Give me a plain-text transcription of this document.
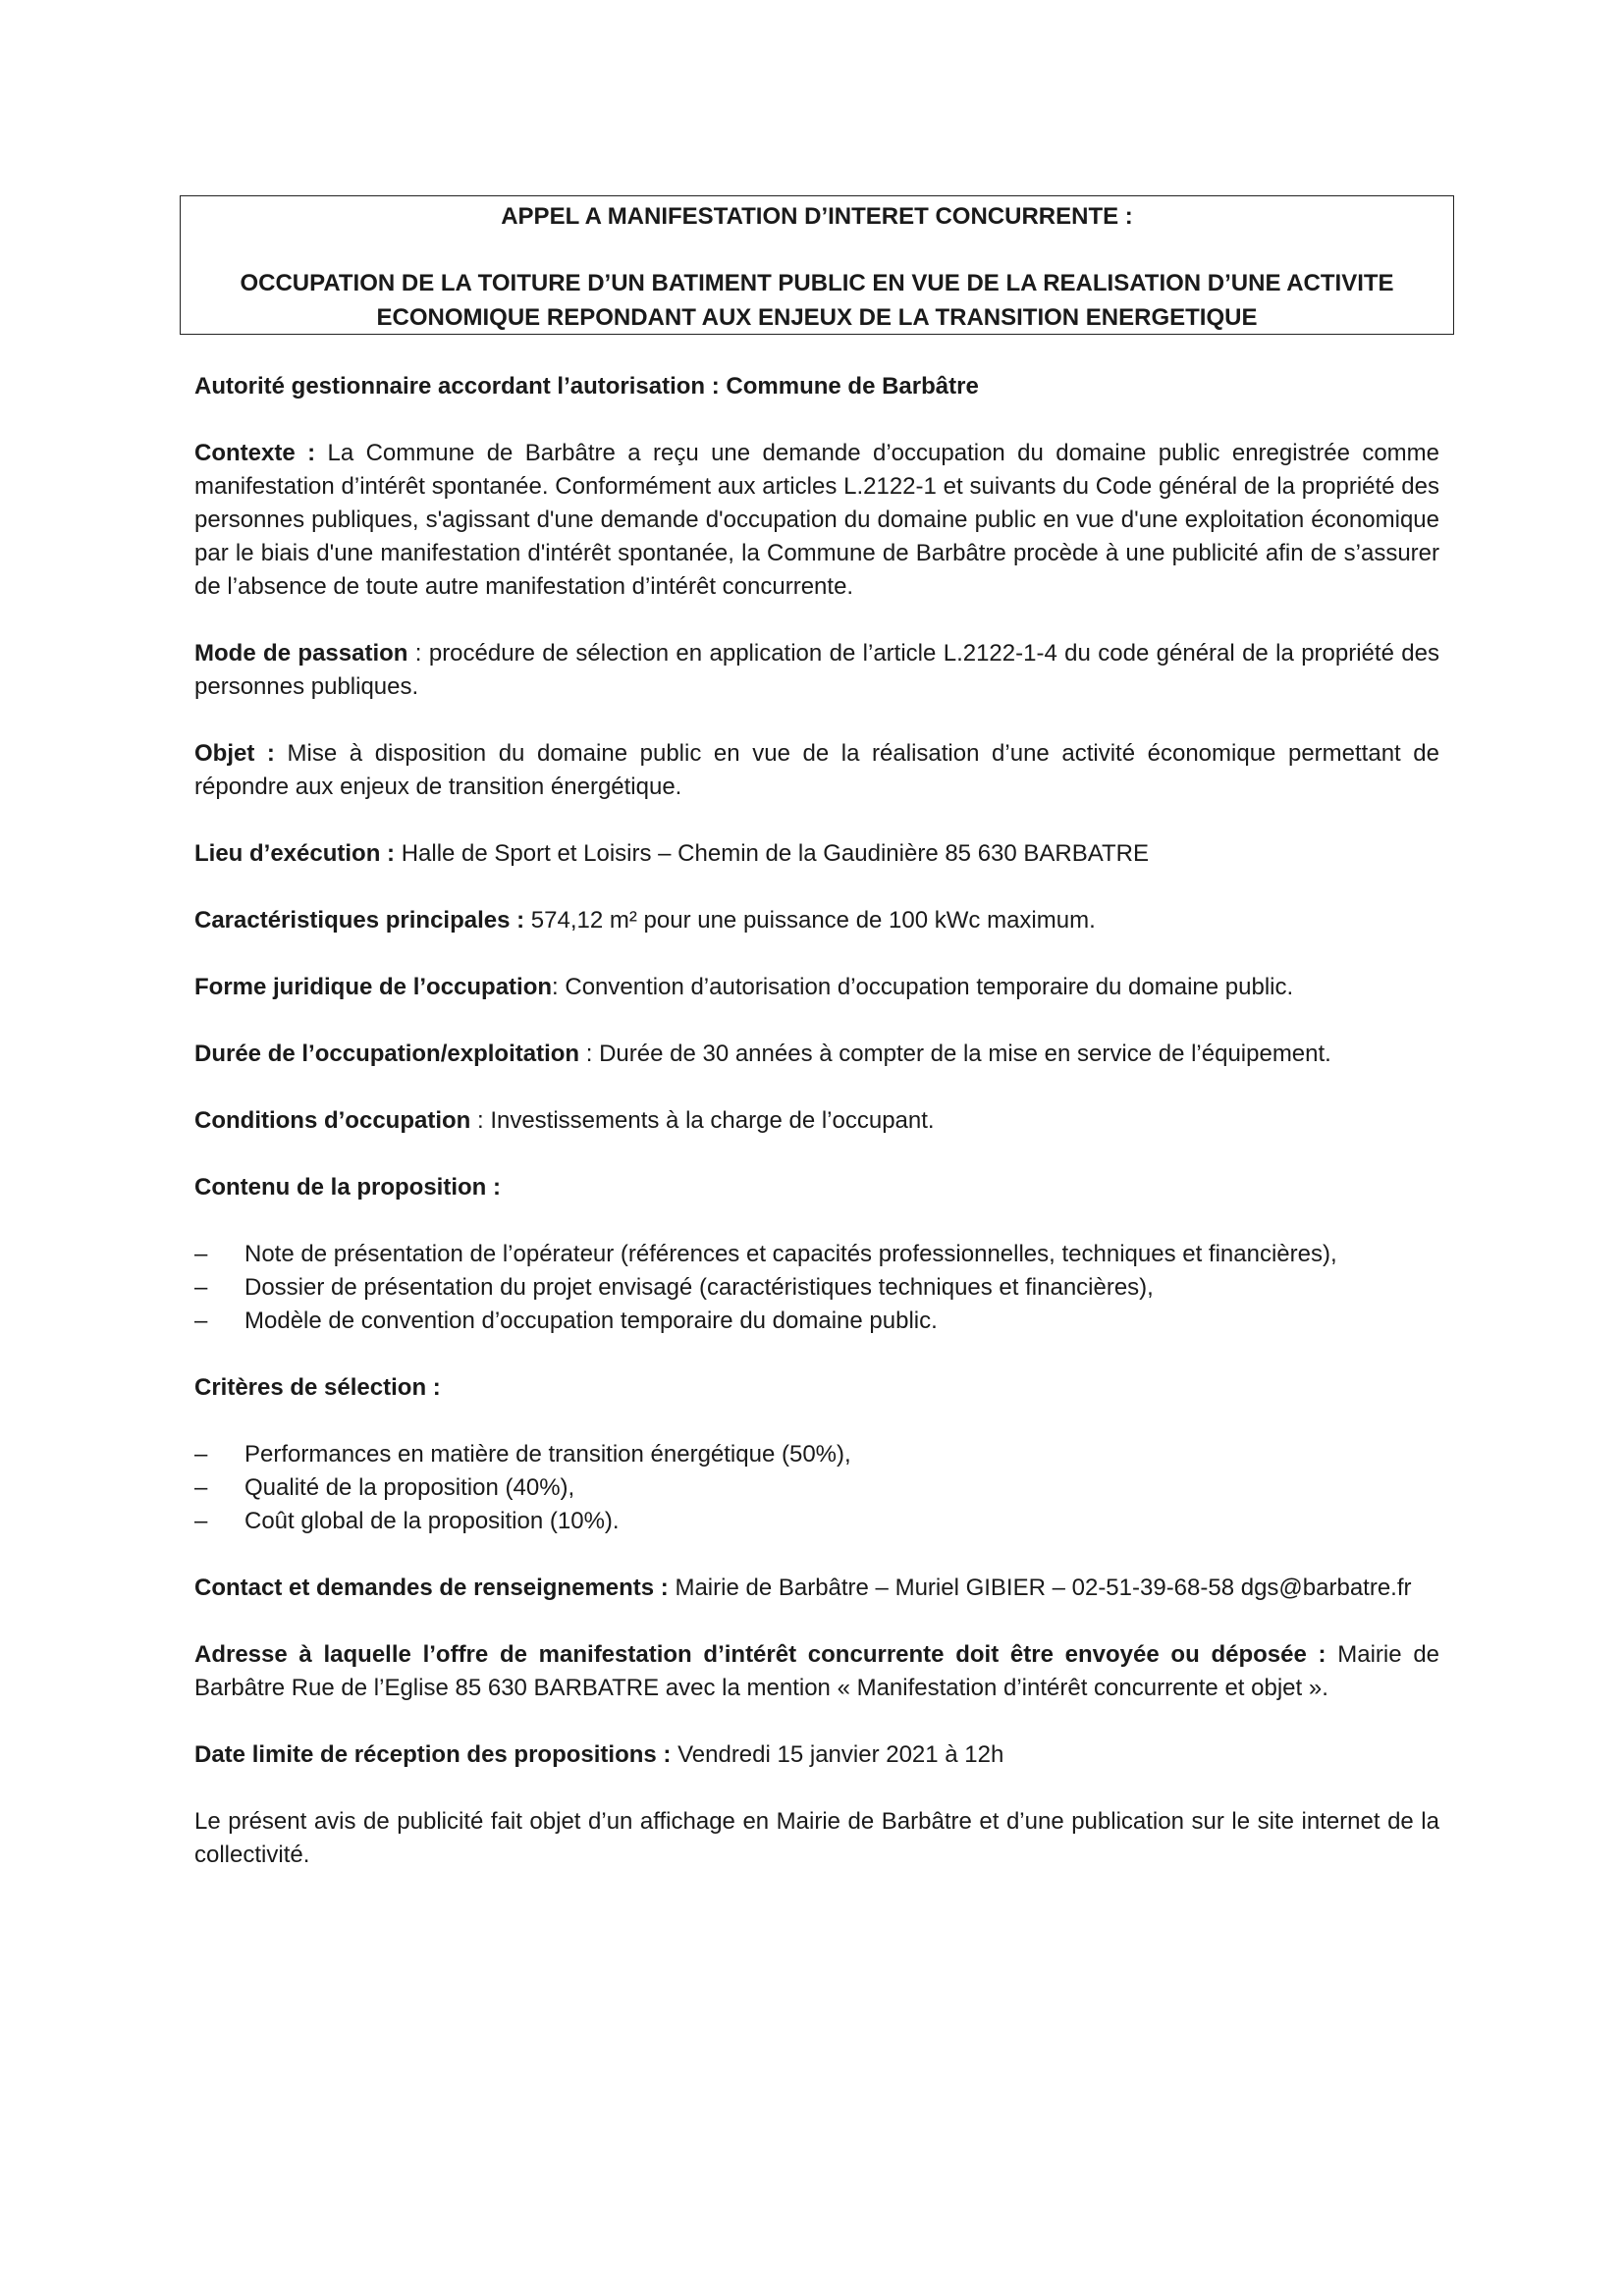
APPEL A MANIFESTATION D’INTERET CONCURRENTE :
OCCUPATION DE LA TOITURE D’UN BATIMENT PUBLIC EN VUE DE LA REALISATION D’UNE ACTIVITE ECONOMIQUE REPONDANT AUX ENJEUX DE LA TRANSITION ENERGETIQUE

Autorité gestionnaire accordant l’autorisation : Commune de Barbâtre

Contexte : La Commune de Barbâtre a reçu une demande d’occupation du domaine public enregistrée comme manifestation d’intérêt spontanée. Conformément aux articles L.2122-1 et suivants du Code général de la propriété des personnes publiques, s'agissant d'une demande d'occupation du domaine public en vue d'une exploitation économique par le biais d'une manifestation d'intérêt spontanée, la Commune de Barbâtre procède à une publicité afin de s’assurer de l’absence de toute autre manifestation d’intérêt concurrente.

Mode de passation : procédure de sélection en application de l’article L.2122-1-4 du code général de la propriété des personnes publiques.

Objet : Mise à disposition du domaine public en vue de la réalisation d’une activité économique permettant de répondre aux enjeux de transition énergétique.

Lieu d’exécution : Halle de Sport et Loisirs – Chemin de la Gaudinière 85 630 BARBATRE

Caractéristiques principales : 574,12 m² pour une puissance de 100 kWc maximum.

Forme juridique de l’occupation: Convention d’autorisation d’occupation temporaire du domaine public.

Durée de l’occupation/exploitation : Durée de 30 années à compter de la mise en service de l’équipement.

Conditions d’occupation : Investissements à la charge de l’occupant.

Contenu de la proposition :

– Note de présentation de l’opérateur (références et capacités professionnelles, techniques et financières),
– Dossier de présentation du projet envisagé (caractéristiques techniques et financières),
– Modèle de convention d’occupation temporaire du domaine public.

Critères de sélection :

– Performances en matière de transition énergétique (50%),
– Qualité de la proposition (40%),
– Coût global de la proposition (10%).

Contact et demandes de renseignements : Mairie de Barbâtre – Muriel GIBIER – 02-51-39-68-58 dgs@barbatre.fr

Adresse à laquelle l’offre de manifestation d’intérêt concurrente doit être envoyée ou déposée : Mairie de Barbâtre Rue de l’Eglise 85 630 BARBATRE avec la mention « Manifestation d’intérêt concurrente et objet ».

Date limite de réception des propositions : Vendredi 15 janvier 2021 à 12h

Le présent avis de publicité fait objet d’un affichage en Mairie de Barbâtre et d’une publication sur le site internet de la collectivité.
